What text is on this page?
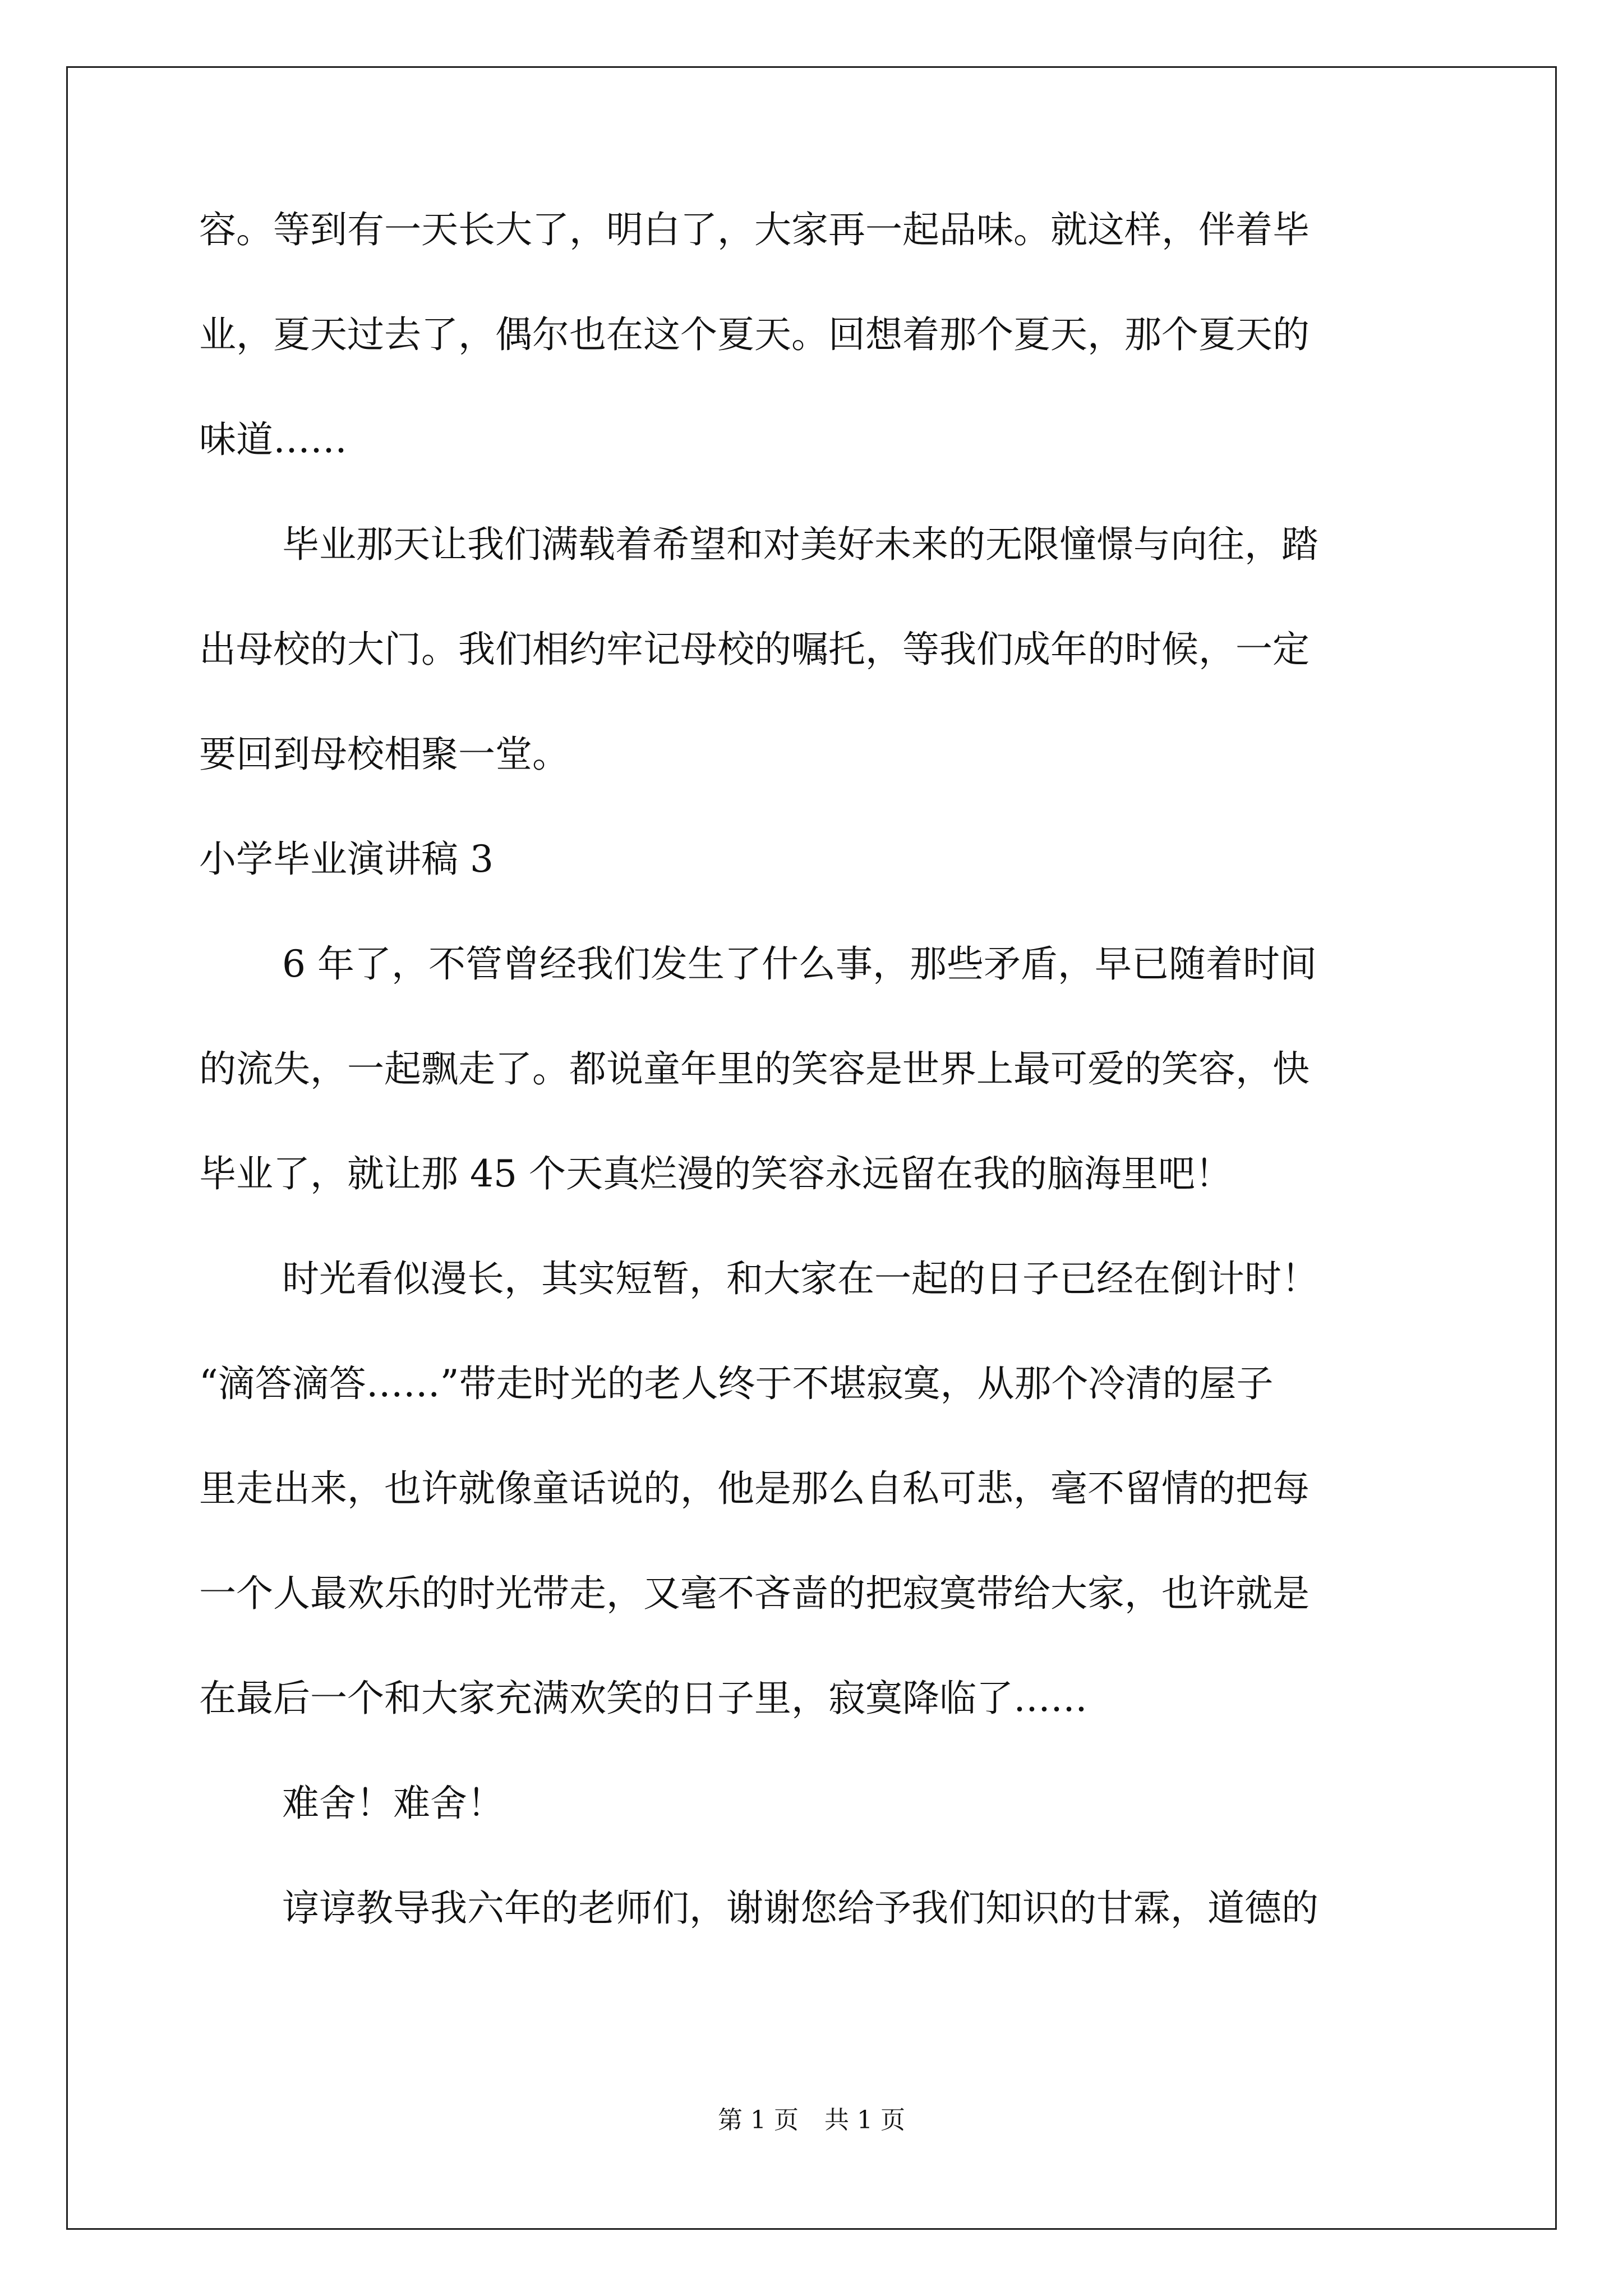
容。等到有一天长大了，明白了，大家再一起品味。就这样，伴着毕
业，夏天过去了，偶尔也在这个夏天。回想着那个夏天，那个夏天的
味道……
毕业那天让我们满载着希望和对美好未来的无限憧憬与向往，踏
出母校的大门。我们相约牢记母校的嘱托，等我们成年的时候，一定
要回到母校相聚一堂。
小学毕业演讲稿 3
6 年了，不管曾经我们发生了什么事，那些矛盾，早已随着时间
的流失，一起飘走了。都说童年里的笑容是世界上最可爱的笑容，快
毕业了，就让那 45 个天真烂漫的笑容永远留在我的脑海里吧！
时光看似漫长，其实短暂，和大家在一起的日子已经在倒计时！
“滴答滴答……”带走时光的老人终于不堪寂寞，从那个冷清的屋子
里走出来，也许就像童话说的，他是那么自私可悲，毫不留情的把每
一个人最欢乐的时光带走，又毫不吝啬的把寂寞带给大家，也许就是
在最后一个和大家充满欢笑的日子里，寂寞降临了……
难舍！难舍！
谆谆教导我六年的老师们，谢谢您给予我们知识的甘霖，道德的
第 1 页 共 1 页
